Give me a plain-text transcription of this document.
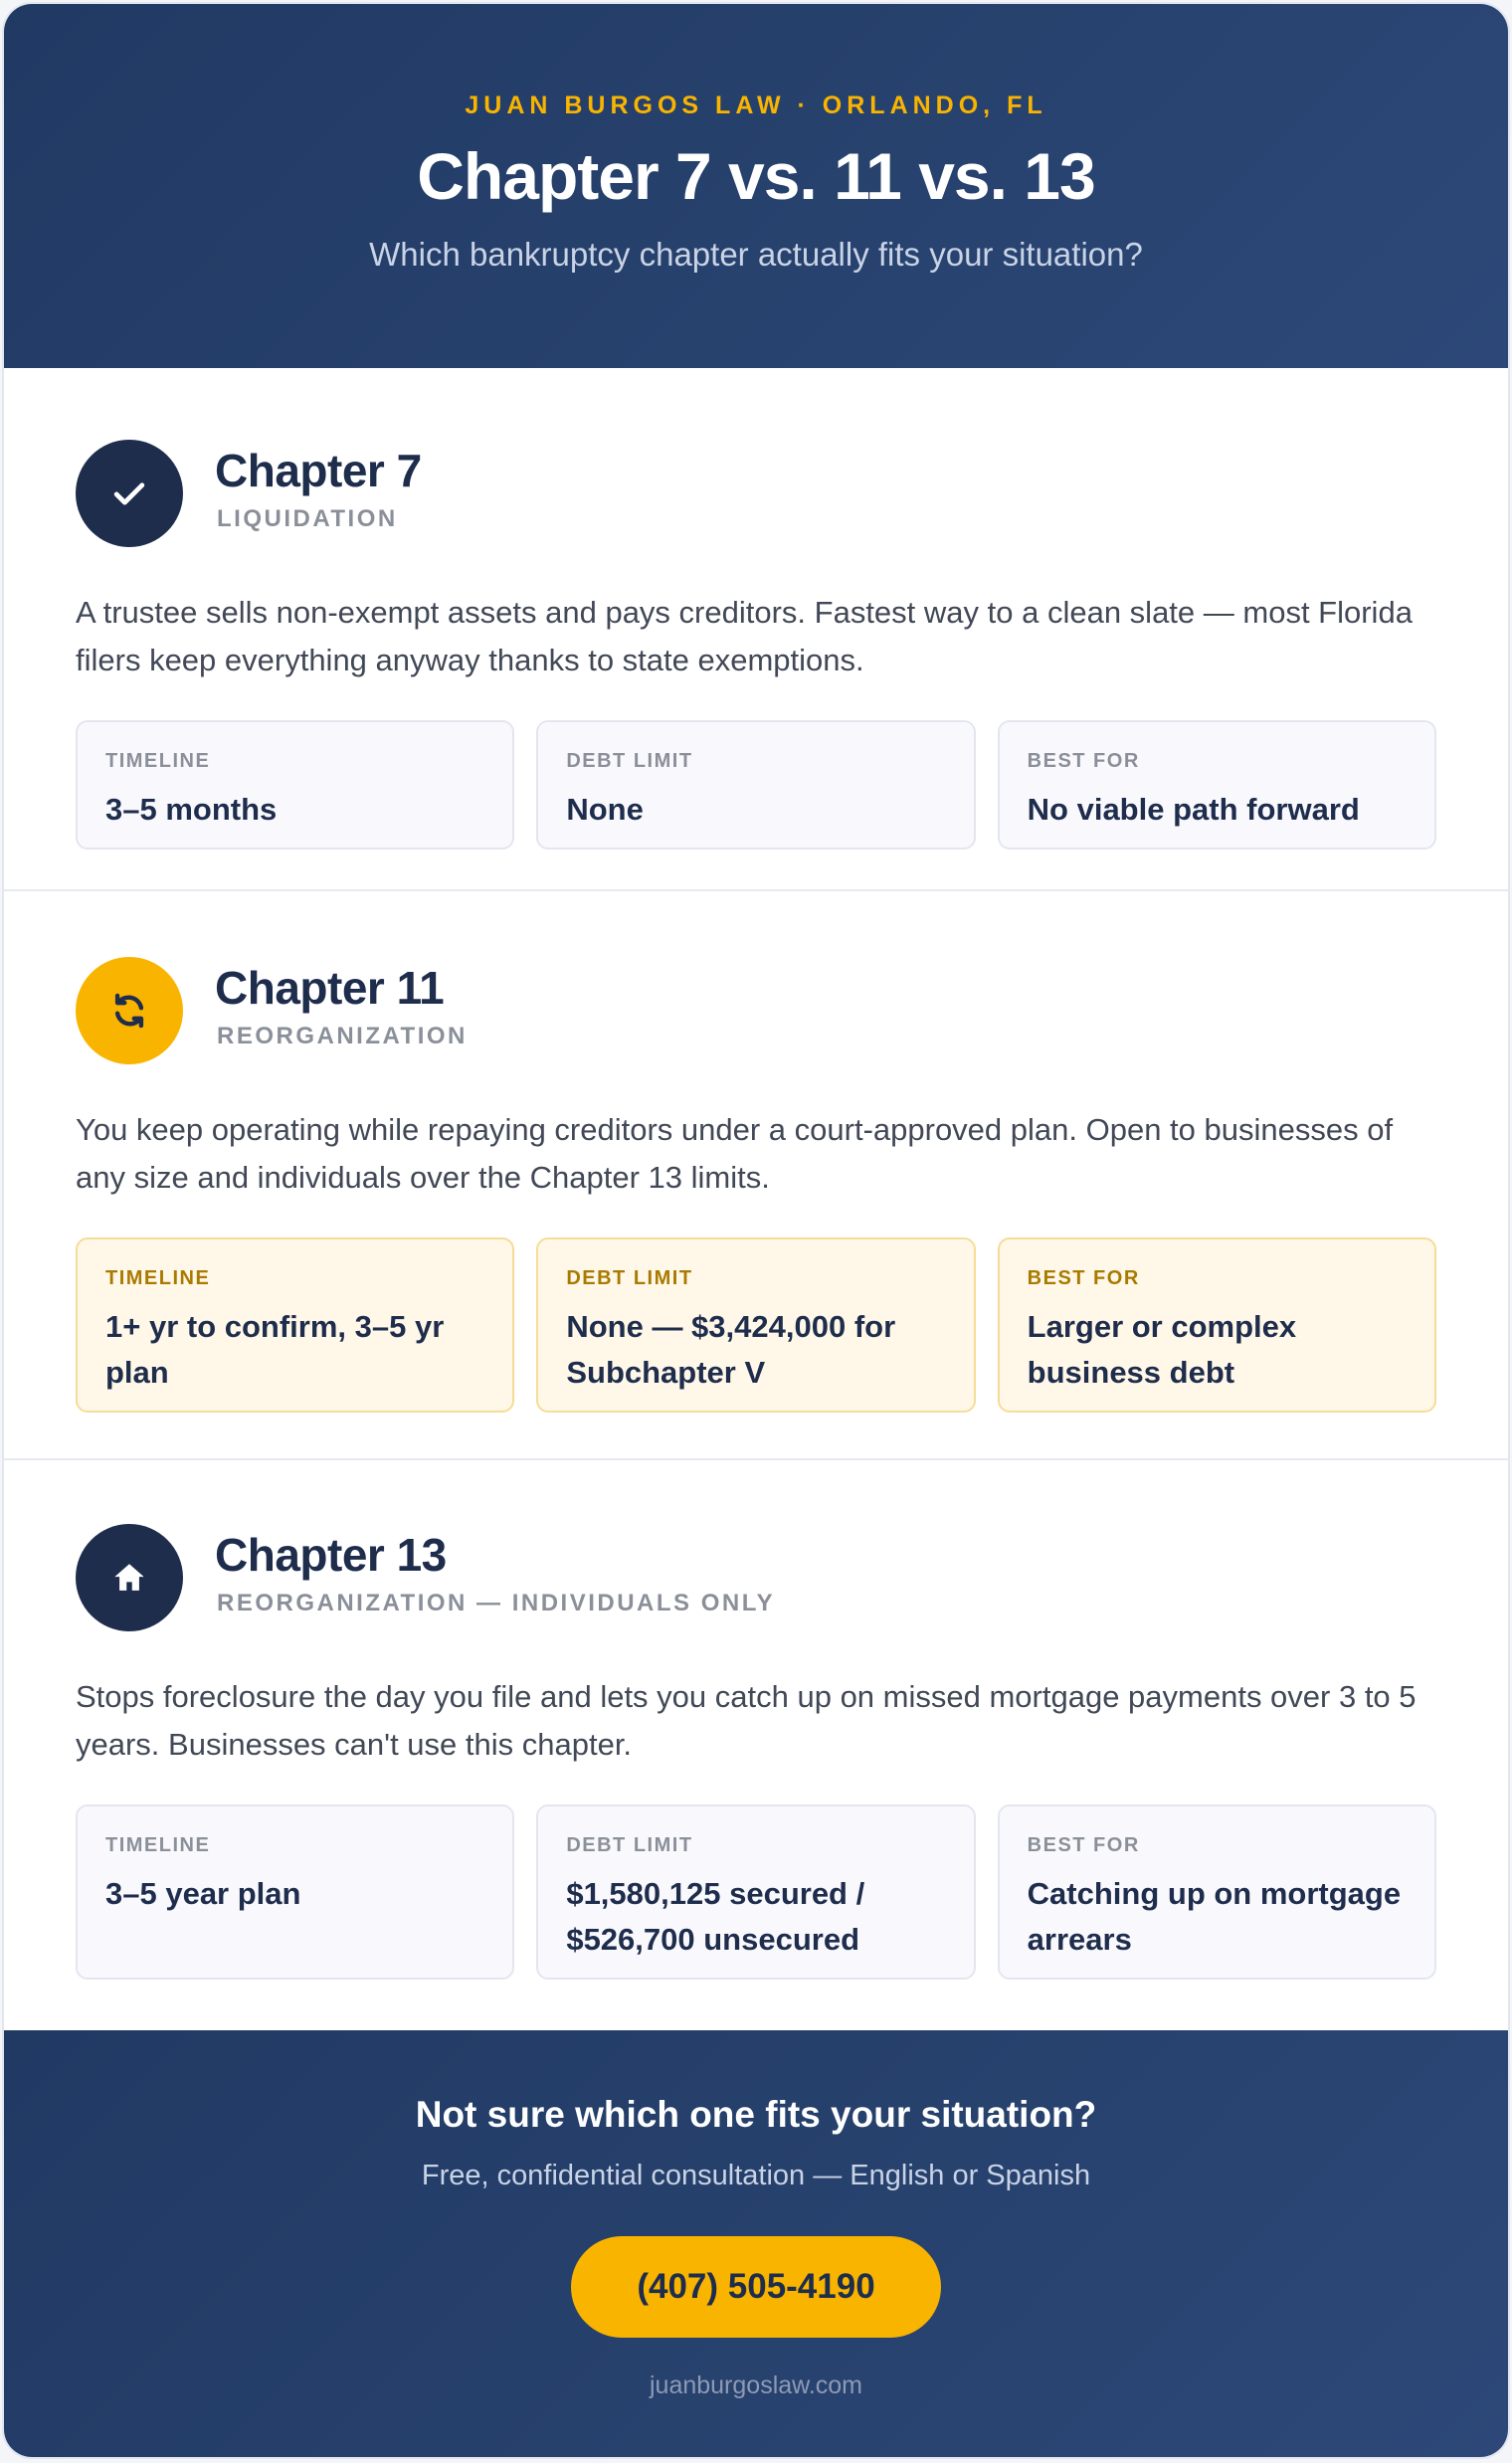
JUAN BURGOS LAW · ORLANDO, FL
Chapter 7 vs. 11 vs. 13

Which bankruptcy chapter actually fits your situation?

Chapter 7
LIQUIDATION

A trustee sells non-exempt assets and pays creditors. Fastest way to a clean slate — most Florida filers keep everything anyway thanks to state exemptions.

TIMELINE
3–5 months
DEBT LIMIT
None
BEST FOR
No viable path forward
Chapter 11
REORGANIZATION

You keep operating while repaying creditors under a court-approved plan. Open to businesses of any size and individuals over the Chapter 13 limits.

TIMELINE
1+ yr to confirm, 3–5 yr plan
DEBT LIMIT
None — $3,424,000 for Subchapter V
BEST FOR
Larger or complex business debt
Chapter 13
REORGANIZATION — INDIVIDUALS ONLY

Stops foreclosure the day you file and lets you catch up on missed mortgage payments over 3 to 5 years. Businesses can't use this chapter.

TIMELINE
3–5 year plan
DEBT LIMIT
$1,580,125 secured / $526,700 unsecured
BEST FOR
Catching up on mortgage arrears
Not sure which one fits your situation?

Free, confidential consultation — English or Spanish

(407) 505-4190

juanburgoslaw.com
